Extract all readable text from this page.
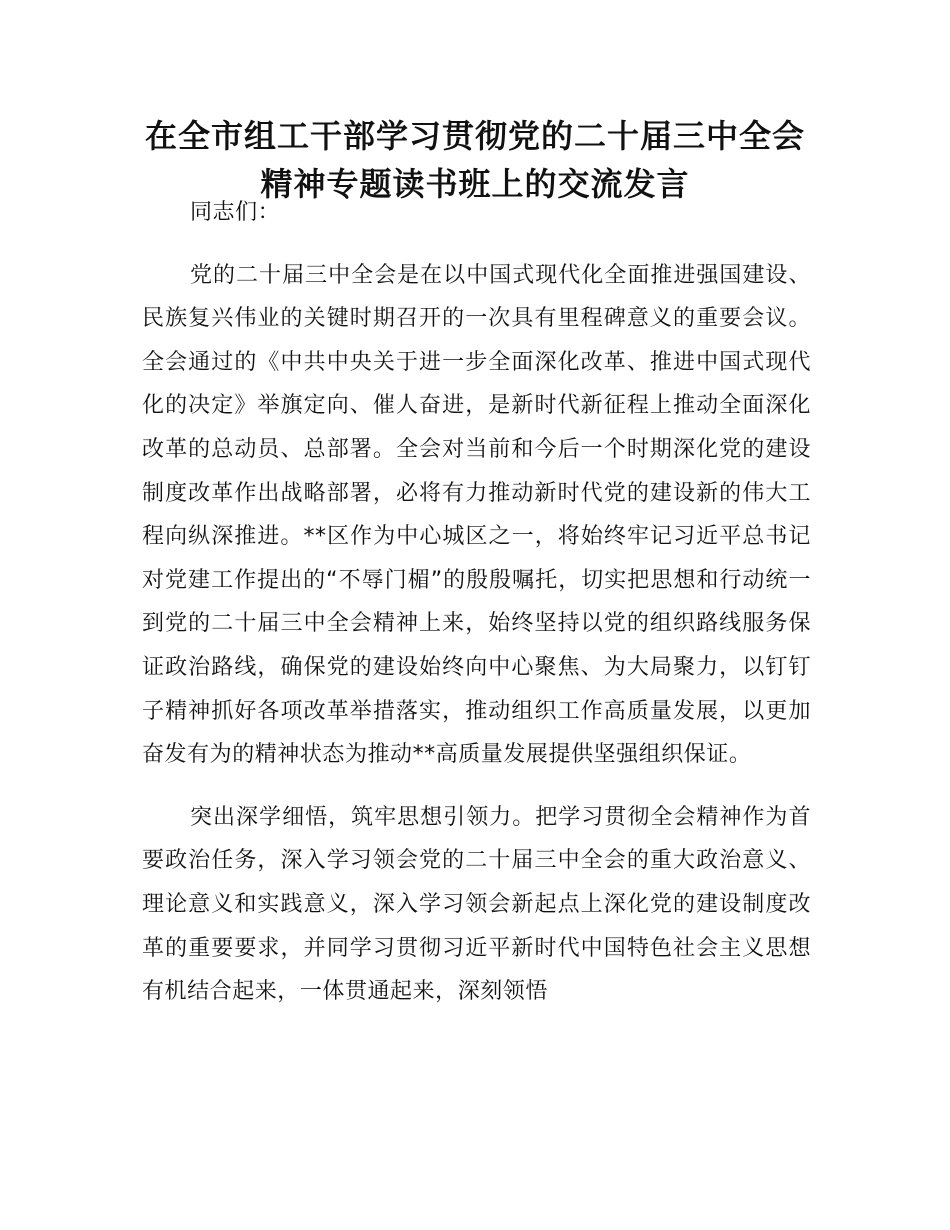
在全市组工干部学习贯彻党的二十届三中全会
精神专题读书班上的交流发言

同志们：

党的二十届三中全会是在以中国式现代化全面推进强国建设、民族复兴伟业的关键时期召开的一次具有里程碑意义的重要会议。全会通过的《中共中央关于进一步全面深化改革、推进中国式现代化的决定》举旗定向、催人奋进，是新时代新征程上推动全面深化改革的总动员、总部署。全会对当前和今后一个时期深化党的建设制度改革作出战略部署，必将有力推动新时代党的建设新的伟大工程向纵深推进。**区作为中心城区之一，将始终牢记习近平总书记对党建工作提出的“不辱门楣”的殷殷嘱托，切实把思想和行动统一到党的二十届三中全会精神上来，始终坚持以党的组织路线服务保证政治路线，确保党的建设始终向中心聚焦、为大局聚力，以钉钉子精神抓好各项改革举措落实，推动组织工作高质量发展，以更加奋发有为的精神状态为推动**高质量发展提供坚强组织保证。

突出深学细悟，筑牢思想引领力。把学习贯彻全会精神作为首要政治任务，深入学习领会党的二十届三中全会的重大政治意义、理论意义和实践意义，深入学习领会新起点上深化党的建设制度改革的重要要求，并同学习贯彻习近平新时代中国特色社会主义思想有机结合起来，一体贯通起来，深刻领悟
